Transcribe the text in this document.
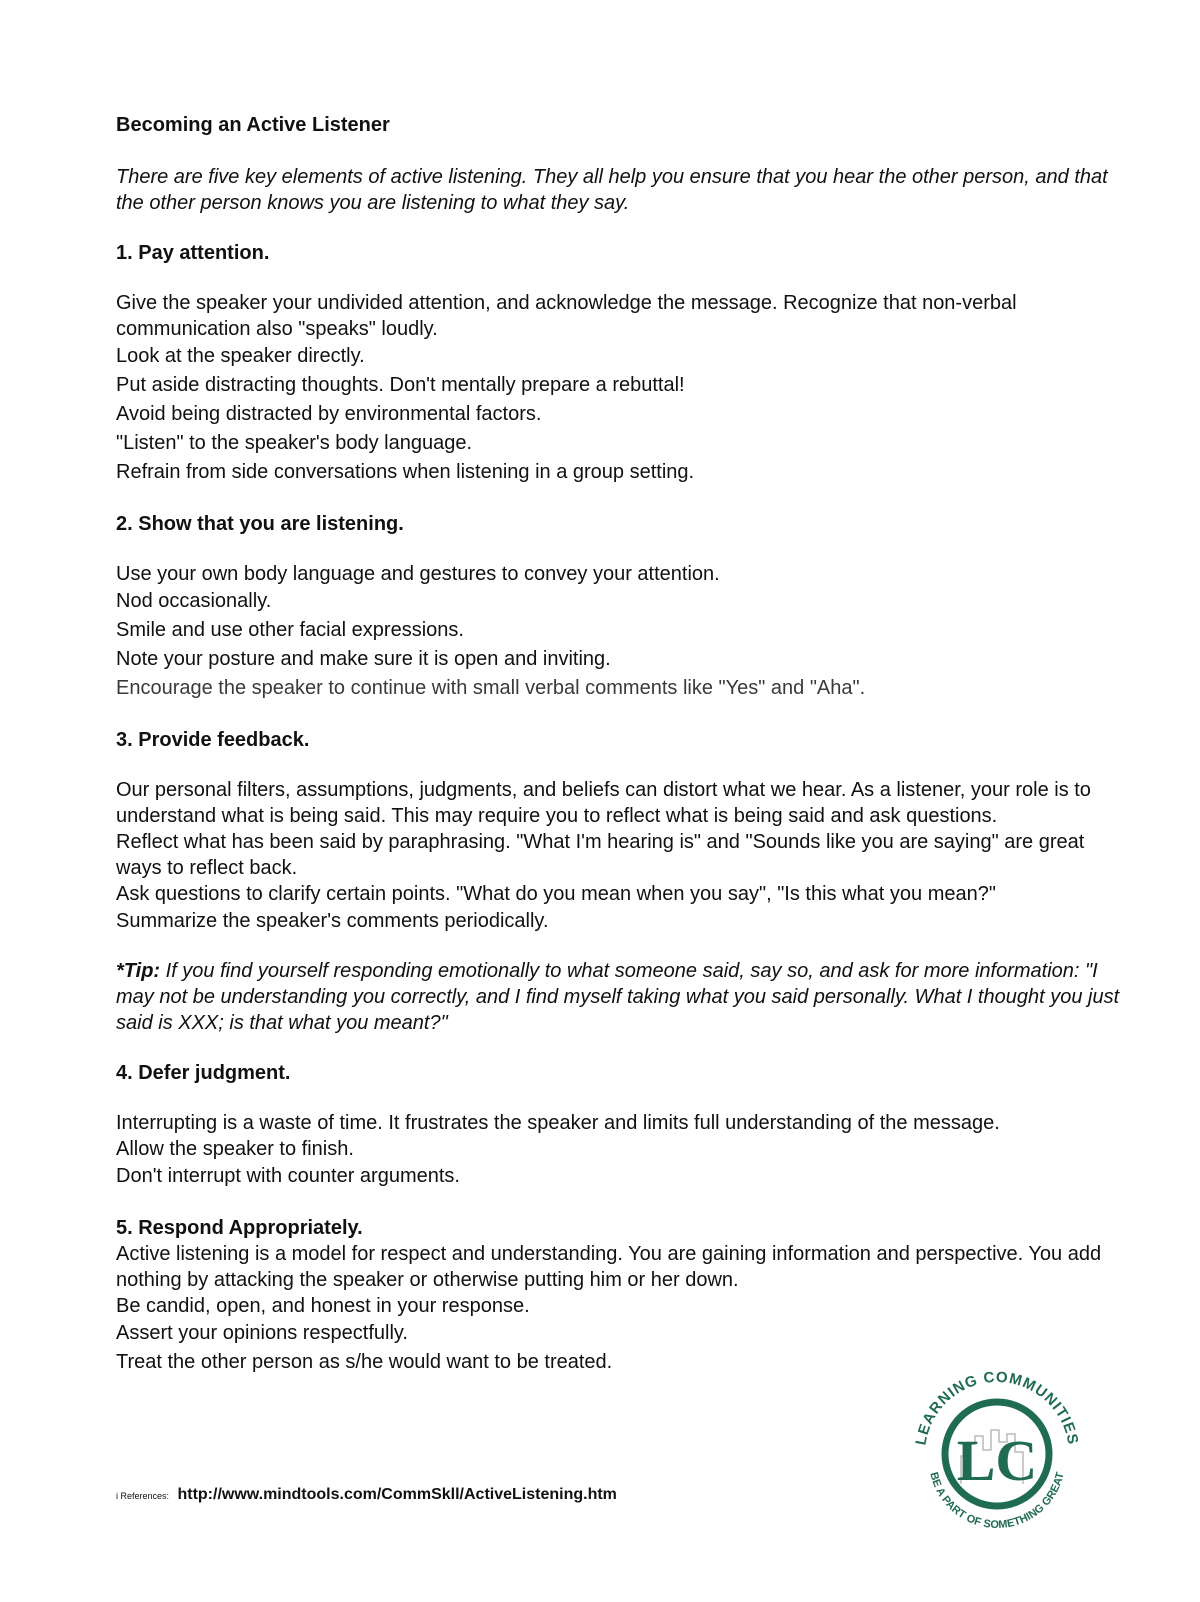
Becoming an Active Listener

There are five key elements of active listening. They all help you ensure that you hear the other person, and that the other person knows you are listening to what they say.

1. Pay attention.

Give the speaker your undivided attention, and acknowledge the message. Recognize that non-verbal communication also "speaks" loudly.

Look at the speaker directly.

Put aside distracting thoughts. Don't mentally prepare a rebuttal!

Avoid being distracted by environmental factors.

"Listen" to the speaker's body language.

Refrain from side conversations when listening in a group setting.

2. Show that you are listening.

Use your own body language and gestures to convey your attention.

Nod occasionally.

Smile and use other facial expressions.

Note your posture and make sure it is open and inviting.

Encourage the speaker to continue with small verbal comments like "Yes" and "Aha".

3. Provide feedback.

Our personal filters, assumptions, judgments, and beliefs can distort what we hear. As a listener, your role is to understand what is being said. This may require you to reflect what is being said and ask questions.

Reflect what has been said by paraphrasing. "What I'm hearing is" and "Sounds like you are saying" are great ways to reflect back.

Ask questions to clarify certain points. "What do you mean when you say", "Is this what you mean?"

Summarize the speaker's comments periodically.

*Tip: If you find yourself responding emotionally to what someone said, say so, and ask for more information: "I may not be understanding you correctly, and I find myself taking what you said personally. What I thought you just said is XXX; is that what you meant?"

4. Defer judgment.

Interrupting is a waste of time. It frustrates the speaker and limits full understanding of the message.

Allow the speaker to finish.

Don't interrupt with counter arguments.

5. Respond Appropriately.

Active listening is a model for respect and understanding. You are gaining information and perspective. You add nothing by attacking the speaker or otherwise putting him or her down.

Be candid, open, and honest in your response.

Assert your opinions respectfully.

Treat the other person as s/he would want to be treated.

i References: http://www.mindtools.com/CommSkll/ActiveListening.htm
LC
LEARNING COMMUNITIES
BE A PART OF SOMETHING GREAT
